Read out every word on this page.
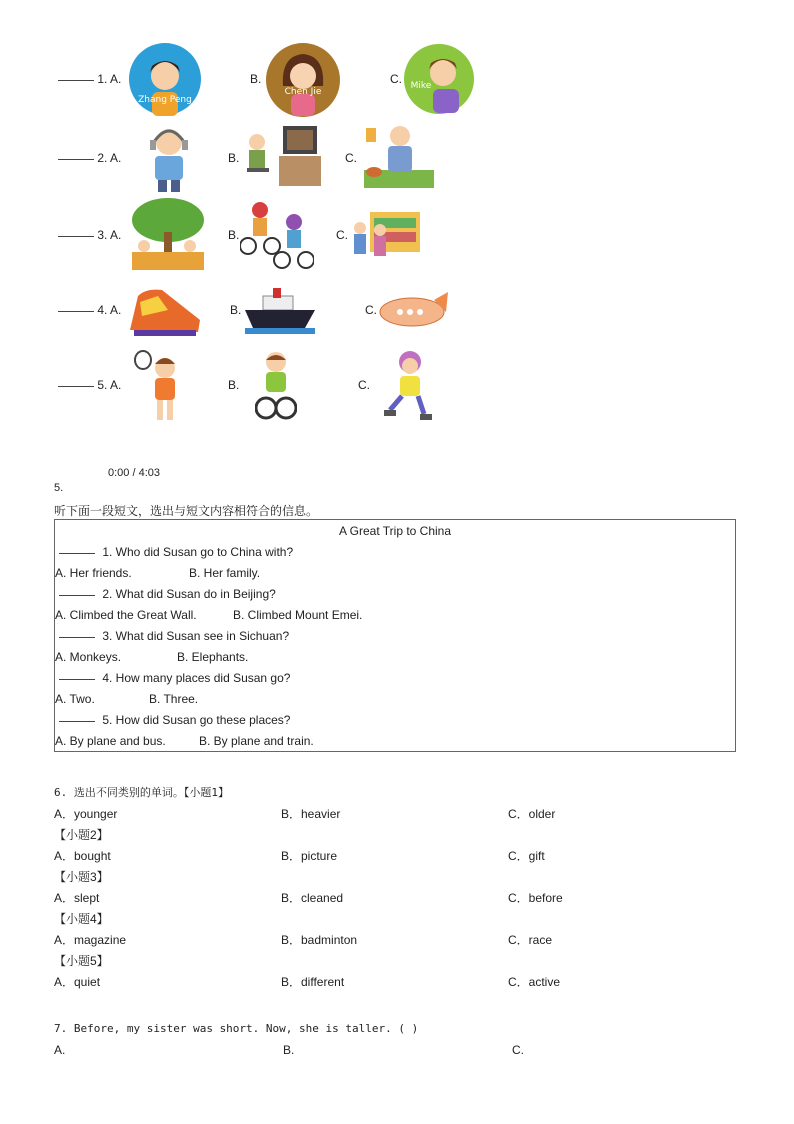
1. A.
Zhang Peng
B.
Chen Jie
C. Mike
2. A.	B.	C.
3. A.	B.	C.
4. A.	B.	C.
5. A.	B.	C.
0:00 / 4:03
5.
听下面一段短文，选出与短文内容相符合的信息。
A Great Trip to China
1. Who did Susan go to China with?
A. Her friends.	B. Her family.
2. What did Susan do in Beijing?
A. Climbed the Great Wall.	B. Climbed Mount Emei.
3. What did Susan see in Sichuan?
A. Monkeys.	B. Elephants.
4. How many places did Susan go?
A. Two.	B. Three.
5. How did Susan go these places?
A. By plane and bus.	B. By plane and train.
6. 选出不同类别的单词。【小题1】
A．younger	B．heavier	C．older
【小题2】
A．bought	B．picture	C．gift
【小题3】
A．slept	B．cleaned	C．before
【小题4】
A．magazine	B．badminton	C．race
【小题5】
A．quiet	B．different	C．active
7. Before, my sister was short. Now, she is taller. ( )
A.	B.	C.
